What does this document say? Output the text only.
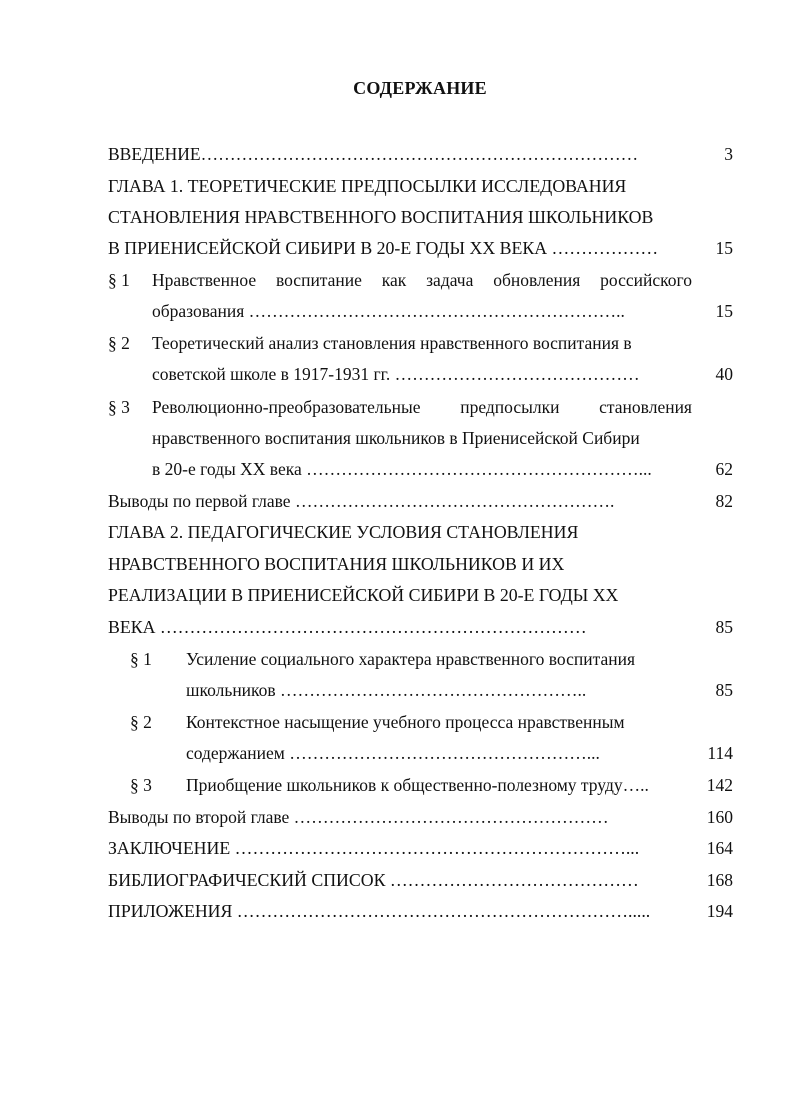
СОДЕРЖАНИЕ
ВВЕДЕНИЕ…………………………………………………………………	3
ГЛАВА 1. ТЕОРЕТИЧЕСКИЕ ПРЕДПОСЫЛКИ ИССЛЕДОВАНИЯ
СТАНОВЛЕНИЯ НРАВСТВЕННОГО ВОСПИТАНИЯ ШКОЛЬНИКОВ
В ПРИЕНИСЕЙСКОЙ СИБИРИ В 20-Е ГОДЫ XX ВЕКА ………………	15
§ 1 Нравственное воспитание как задача обновления российского
образования ………………………………………………………..	15
§ 2 Теоретический анализ становления нравственного воспитания в
советской школе в 1917-1931 гг. ……………………………………	40
§ 3 Революционно-преобразовательные предпосылки становления
нравственного воспитания школьников в Приенисейской Сибири
в 20-е годы XX века …………………………………………………...	62
Выводы по первой главе ……………………………………………….	82
ГЛАВА 2. ПЕДАГОГИЧЕСКИЕ УСЛОВИЯ СТАНОВЛЕНИЯ
НРАВСТВЕННОГО ВОСПИТАНИЯ ШКОЛЬНИКОВ И ИХ
РЕАЛИЗАЦИИ В ПРИЕНИСЕЙСКОЙ СИБИРИ В 20-Е ГОДЫ XX
ВЕКА ………………………………………………………………	85
§ 1 Усиление социального характера нравственного воспитания
школьников ……………………………………………..	85
§ 2 Контекстное насыщение учебного процесса нравственным
содержанием ……………………………………………...	114
§ 3 Приобщение школьников к общественно-полезному труду…..	142
Выводы по второй главе ………………………………………………	160
ЗАКЛЮЧЕНИЕ …………………………………………………………...	164
БИБЛИОГРАФИЧЕСКИЙ СПИСОК ……………………………………	168
ПРИЛОЖЕНИЯ ………………………………………………………….....	194
